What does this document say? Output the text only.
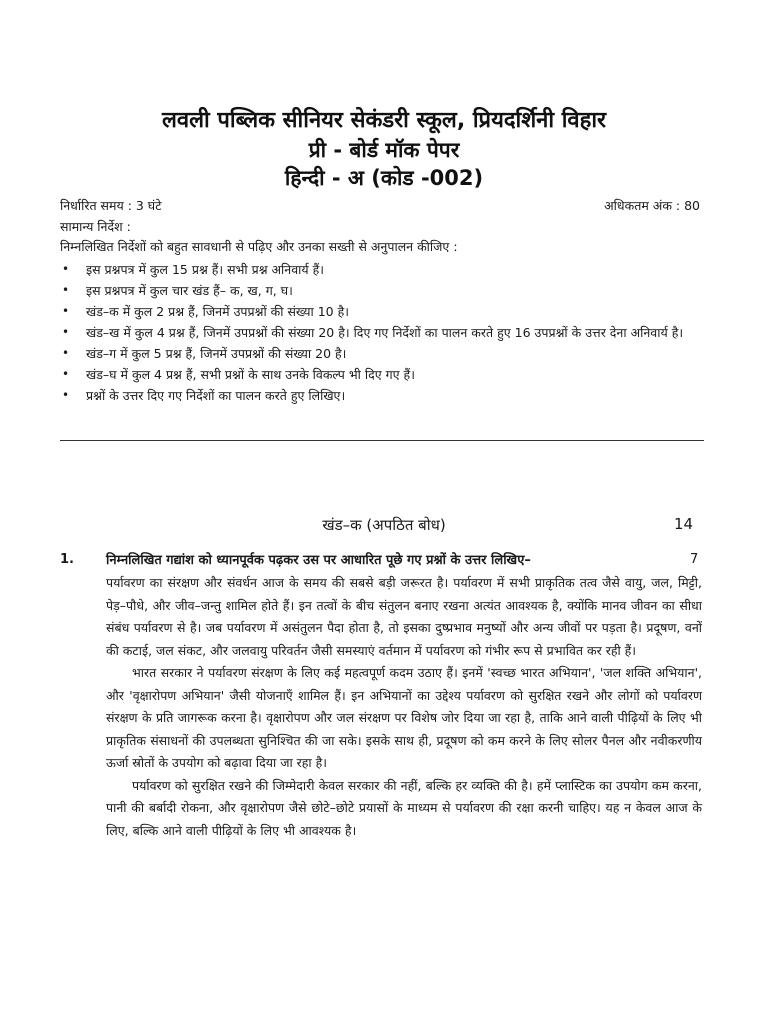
लवली पब्लिक सीनियर सेकंडरी स्कूल, प्रियदर्शिनी विहार
प्री - बोर्ड मॉक पेपर
हिन्दी - अ (कोड -002)
निर्धारित समय : 3 घंटे	अधिकतम अंक : 80
सामान्य निर्देश :
निम्नलिखित निर्देशों को बहुत सावधानी से पढ़िए और उनका सख्ती से अनुपालन कीजिए :
• इस प्रश्नपत्र में कुल 15 प्रश्न हैं। सभी प्रश्न अनिवार्य हैं।
• इस प्रश्नपत्र में कुल चार खंड हैं– क, ख, ग, घ।
• खंड–क में कुल 2 प्रश्न हैं, जिनमें उपप्रश्नों की संख्या 10 है।
• खंड–ख में कुल 4 प्रश्न हैं, जिनमें उपप्रश्नों की संख्या 20 है। दिए गए निर्देशों का पालन करते हुए 16 उपप्रश्नों के उत्तर देना अनिवार्य है।
• खंड–ग में कुल 5 प्रश्न हैं, जिनमें उपप्रश्नों की संख्या 20 है।
• खंड–घ में कुल 4 प्रश्न हैं, सभी प्रश्नों के साथ उनके विकल्प भी दिए गए हैं।
• प्रश्नों के उत्तर दिए गए निर्देशों का पालन करते हुए लिखिए।
खंड–क (अपठित बोध)	14
1. निम्नलिखित गद्यांश को ध्यानपूर्वक पढ़कर उस पर आधारित पूछे गए प्रश्नों के उत्तर लिखिए–	7

पर्यावरण का संरक्षण और संवर्धन आज के समय की सबसे बड़ी जरूरत है। पर्यावरण में सभी प्राकृतिक तत्व जैसे वायु, जल, मिट्टी, पेड़–पौधे, और जीव–जन्तु शामिल होते हैं। इन तत्वों के बीच संतुलन बनाए रखना अत्यंत आवश्यक है, क्योंकि मानव जीवन का सीधा संबंध पर्यावरण से है। जब पर्यावरण में असंतुलन पैदा होता है, तो इसका दुष्प्रभाव मनुष्यों और अन्य जीवों पर पड़ता है। प्रदूषण, वनों की कटाई, जल संकट, और जलवायु परिवर्तन जैसी समस्याएं वर्तमान में पर्यावरण को गंभीर रूप से प्रभावित कर रही हैं।

भारत सरकार ने पर्यावरण संरक्षण के लिए कई महत्वपूर्ण कदम उठाए हैं। इनमें 'स्वच्छ भारत अभियान', 'जल शक्ति अभियान', और 'वृक्षारोपण अभियान' जैसी योजनाएँ शामिल हैं। इन अभियानों का उद्देश्य पर्यावरण को सुरक्षित रखने और लोगों को पर्यावरण संरक्षण के प्रति जागरूक करना है। वृक्षारोपण और जल संरक्षण पर विशेष जोर दिया जा रहा है, ताकि आने वाली पीढ़ियों के लिए भी प्राकृतिक संसाधनों की उपलब्धता सुनिश्चित की जा सके। इसके साथ ही, प्रदूषण को कम करने के लिए सोलर पैनल और नवीकरणीय ऊर्जा स्रोतों के उपयोग को बढ़ावा दिया जा रहा है।

पर्यावरण को सुरक्षित रखने की जिम्मेदारी केवल सरकार की नहीं, बल्कि हर व्यक्ति की है। हमें प्लास्टिक का उपयोग कम करना, पानी की बर्बादी रोकना, और वृक्षारोपण जैसे छोटे–छोटे प्रयासों के माध्यम से पर्यावरण की रक्षा करनी चाहिए। यह न केवल आज के लिए, बल्कि आने वाली पीढ़ियों के लिए भी आवश्यक है।
